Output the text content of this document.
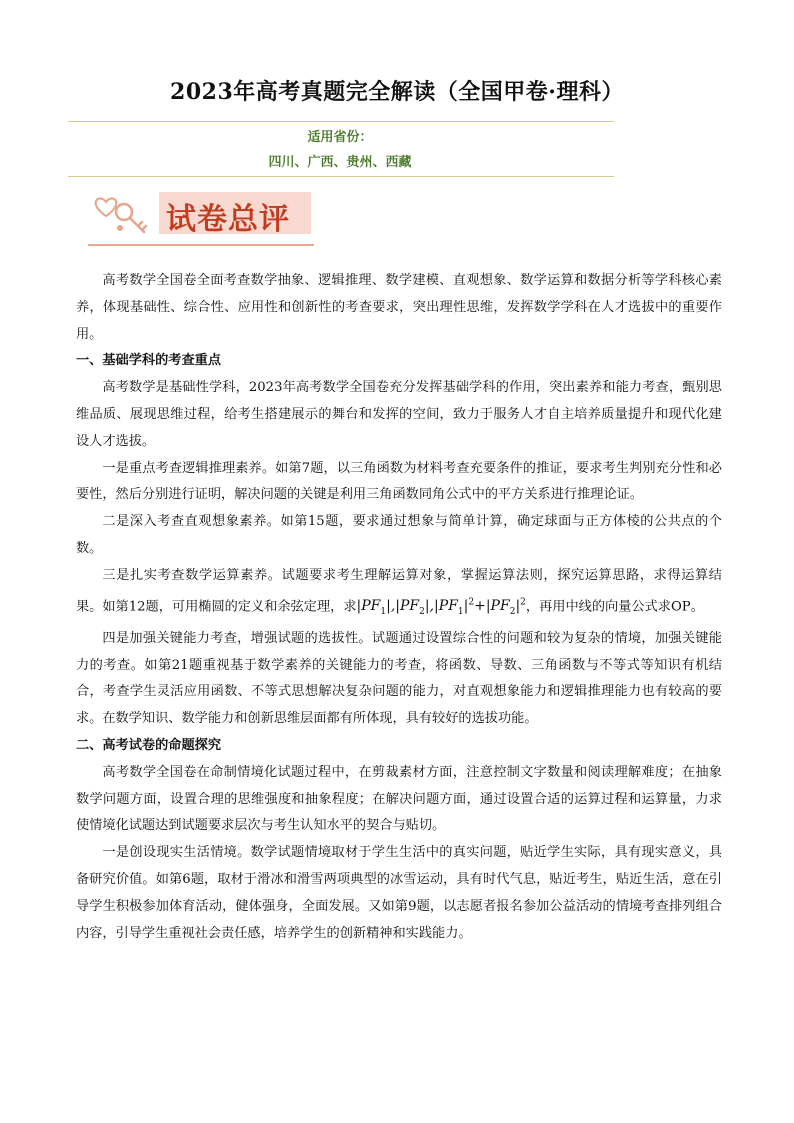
2023年高考真题完全解读（全国甲卷·理科）
适用省份：
四川、广西、贵州、西藏
试卷总评

高考数学全国卷全面考查数学抽象、逻辑推理、数学建模、直观想象、数学运算和数据分析等学科核心素养，体现基础性、综合性、应用性和创新性的考查要求，突出理性思维，发挥数学学科在人才选拔中的重要作用。

一、基础学科的考查重点

高考数学是基础性学科，2023年高考数学全国卷充分发挥基础学科的作用，突出素养和能力考查，甄别思维品质、展现思维过程，给考生搭建展示的舞台和发挥的空间，致力于服务人才自主培养质量提升和现代化建设人才选拔。

一是重点考查逻辑推理素养。如第7题，以三角函数为材料考查充要条件的推证，要求考生判别充分性和必要性，然后分别进行证明，解决问题的关键是利用三角函数同角公式中的平方关系进行推理论证。

二是深入考查直观想象素养。如第15题，要求通过想象与简单计算，确定球面与正方体棱的公共点的个数。

三是扎实考查数学运算素养。试题要求考生理解运算对象，掌握运算法则，探究运算思路，求得运算结果。如第12题，可用椭圆的定义和余弦定理，求$|PF_1|,|PF_2|,|PF_1|^2+|PF_2|^2$，再用中线的向量公式求OP。

四是加强关键能力考查，增强试题的选拔性。试题通过设置综合性的问题和较为复杂的情境，加强关键能力的考查。如第21题重视基于数学素养的关键能力的考查，将函数、导数、三角函数与不等式等知识有机结合，考查学生灵活应用函数、不等式思想解决复杂问题的能力，对直观想象能力和逻辑推理能力也有较高的要求。在数学知识、数学能力和创新思维层面都有所体现，具有较好的选拔功能。

二、高考试卷的命题探究

高考数学全国卷在命制情境化试题过程中，在剪裁素材方面，注意控制文字数量和阅读理解难度；在抽象数学问题方面，设置合理的思维强度和抽象程度；在解决问题方面，通过设置合适的运算过程和运算量，力求使情境化试题达到试题要求层次与考生认知水平的契合与贴切。

一是创设现实生活情境。数学试题情境取材于学生生活中的真实问题，贴近学生实际，具有现实意义，具备研究价值。如第6题，取材于滑冰和滑雪两项典型的冰雪运动，具有时代气息，贴近考生，贴近生活，意在引导学生积极参加体育活动，健体强身，全面发展。又如第9题，以志愿者报名参加公益活动的情境考查排列组合内容，引导学生重视社会责任感，培养学生的创新精神和实践能力。
